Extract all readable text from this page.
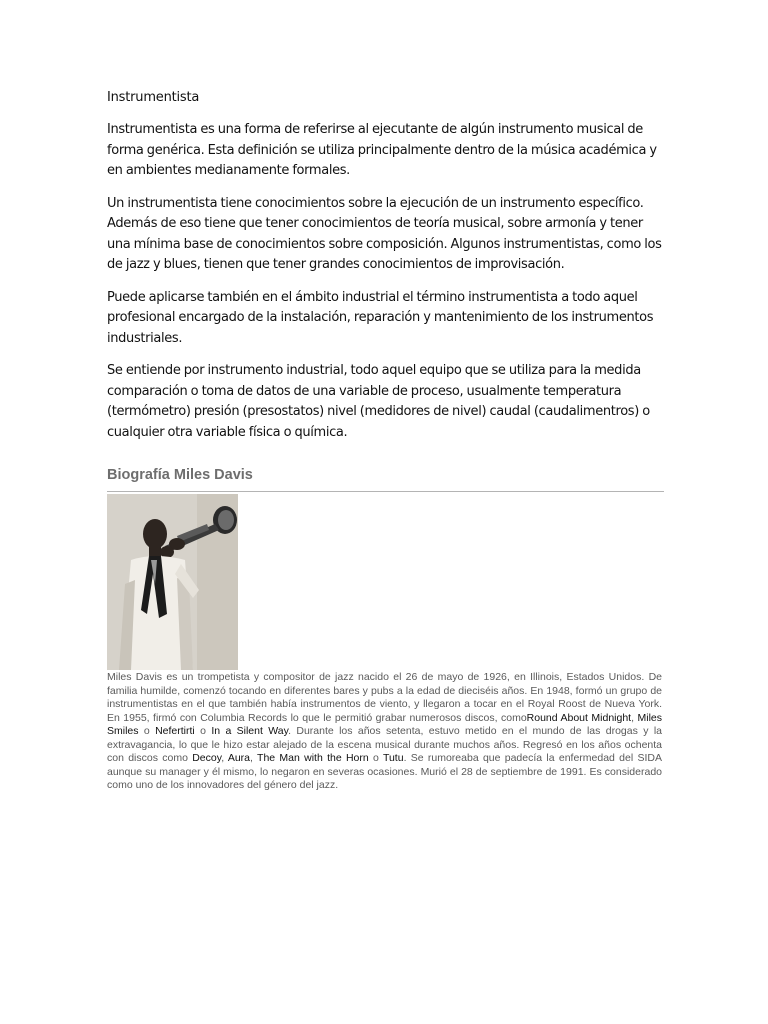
Instrumentista

Instrumentista es una forma de referirse al ejecutante de algún instrumento musical de forma genérica. Esta definición se utiliza principalmente dentro de la música académica y en ambientes medianamente formales.

Un instrumentista tiene conocimientos sobre la ejecución de un instrumento específico. Además de eso tiene que tener conocimientos de teoría musical, sobre armonía y tener una mínima base de conocimientos sobre composición. Algunos instrumentistas, como los de jazz y blues, tienen que tener grandes conocimientos de improvisación.

Puede aplicarse también en el ámbito industrial el término instrumentista a todo aquel profesional encargado de la instalación, reparación y mantenimiento de los instrumentos industriales.

Se entiende por instrumento industrial, todo aquel equipo que se utiliza para la medida comparación o toma de datos de una variable de proceso, usualmente temperatura (termómetro) presión (presostatos) nivel (medidores de nivel) caudal (caudalimentros) o cualquier otra variable física o química.

Biografía Miles Davis

Miles Davis es un trompetista y compositor de jazz nacido el 26 de mayo de 1926, en Illinois, Estados Unidos. De familia humilde, comenzó tocando en diferentes bares y pubs a la edad de dieciséis años. En 1948, formó un grupo de instrumentistas en el que también había instrumentos de viento, y llegaron a tocar en el Royal Roost de Nueva York. En 1955, firmó con Columbia Records lo que le permitió grabar numerosos discos, comoRound About Midnight, Miles Smiles o Nefertirti o In a Silent Way. Durante los años setenta, estuvo metido en el mundo de las drogas y la extravagancia, lo que le hizo estar alejado de la escena musical durante muchos años. Regresó en los años ochenta con discos como Decoy, Aura, The Man with the Horn o Tutu. Se rumoreaba que padecía la enfermedad del SIDA aunque su manager y él mismo, lo negaron en severas ocasiones. Murió el 28 de septiembre de 1991. Es considerado como uno de los innovadores del género del jazz.
